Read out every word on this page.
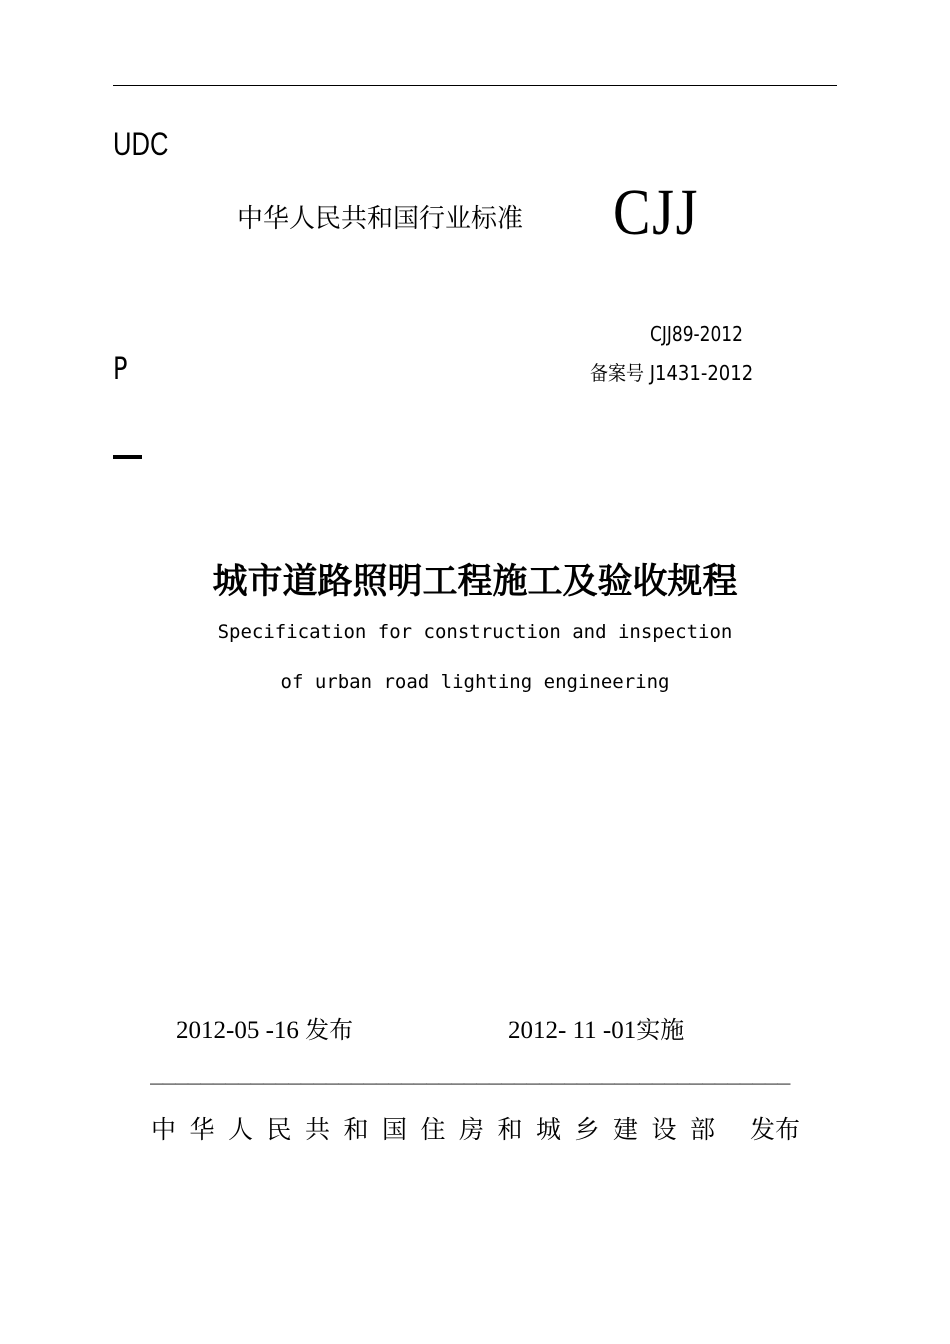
UDC
中华人民共和国行业标准 CJJ
CJJ89-2012
备案号 J1431-2012
P
城市道路照明工程施工及验收规程
Specification for construction and inspection
of urban road lighting engineering
2012-05 -16 发布	2012- 11 -01实施
___________________________________________________
中华人民共和国住房和城乡建设部 发布
